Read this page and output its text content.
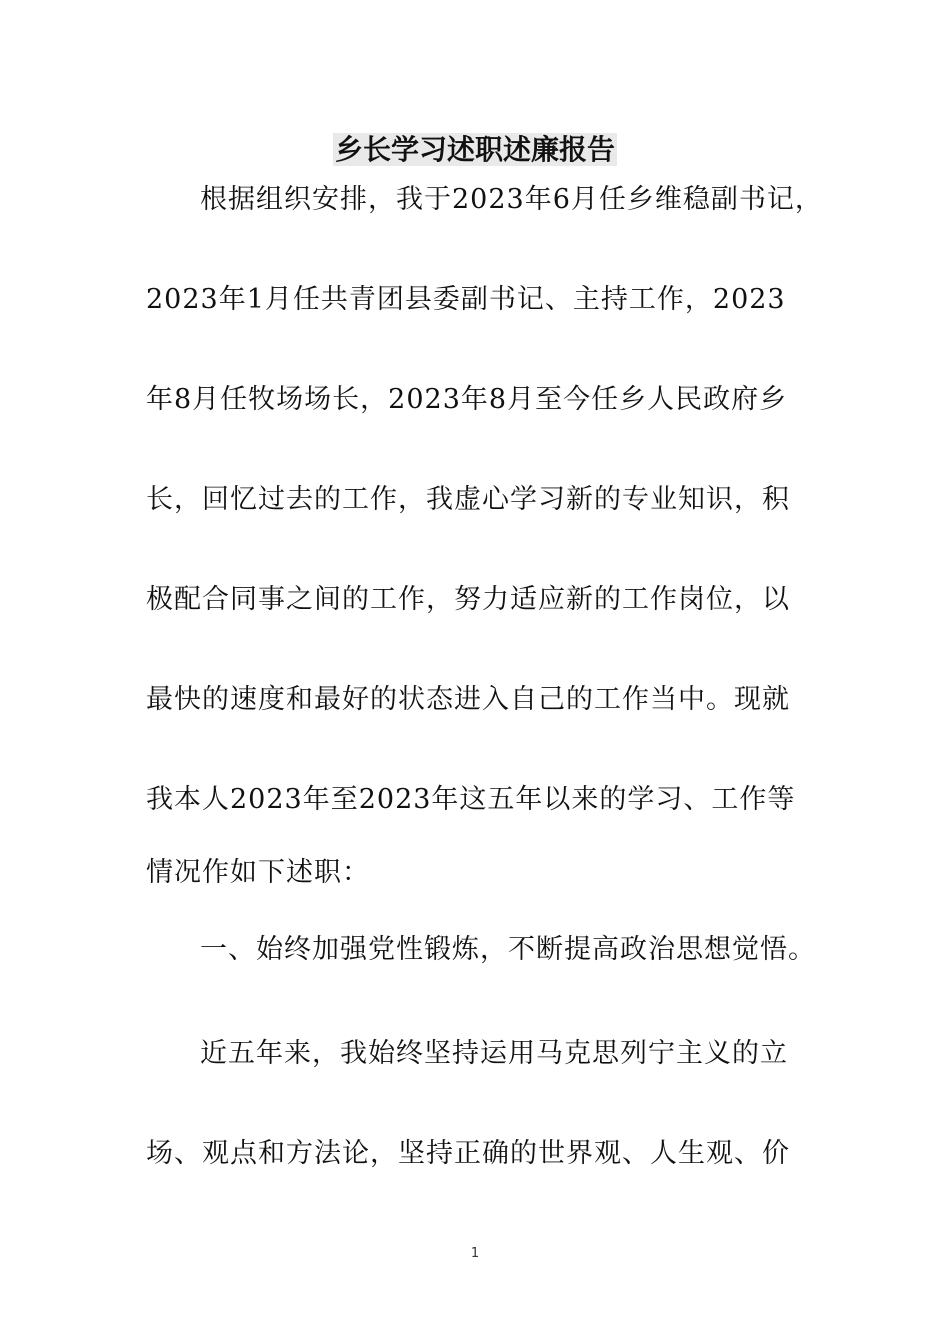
乡长学习述职述廉报告
根据组织安排，我于2023年6月任乡维稳副书记，
2023年1月任共青团县委副书记、主持工作，2023
年8月任牧场场长，2023年8月至今任乡人民政府乡
长，回忆过去的工作，我虚心学习新的专业知识，积
极配合同事之间的工作，努力适应新的工作岗位，以
最快的速度和最好的状态进入自己的工作当中。现就
我本人2023年至2023年这五年以来的学习、工作等
情况作如下述职：
一、始终加强党性锻炼，不断提高政治思想觉悟。
近五年来，我始终坚持运用马克思列宁主义的立
场、观点和方法论，坚持正确的世界观、人生观、价
1
